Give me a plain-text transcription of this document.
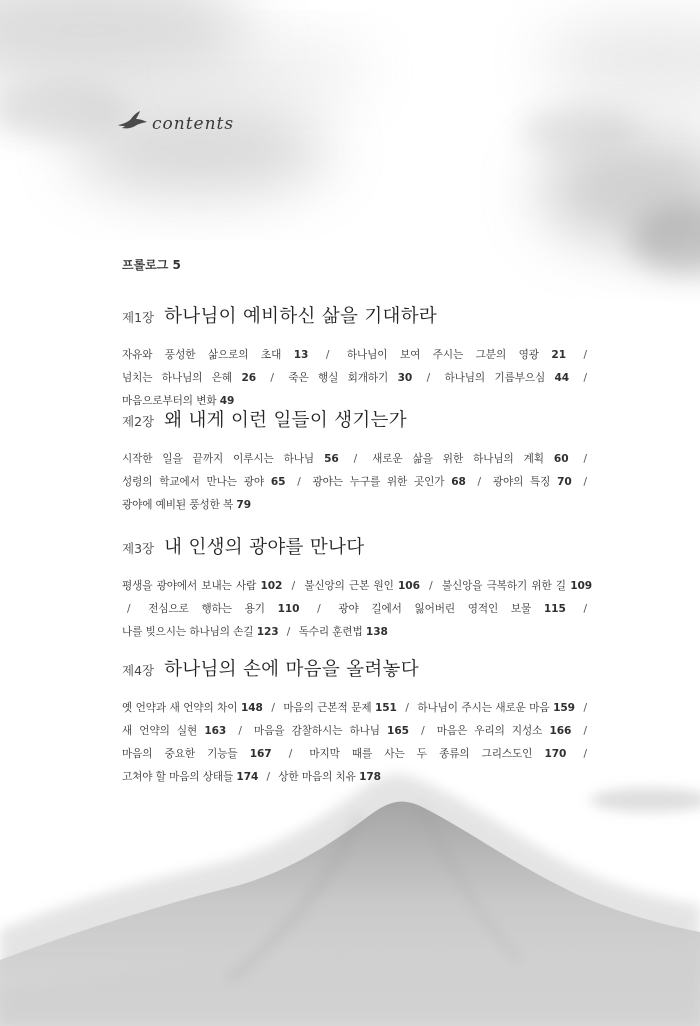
contents
프롤로그 5
제1장 하나님이 예비하신 삶을 기대하라
자유와 풍성한 삶으로의 초대 13 / 하나님이 보여 주시는 그분의 영광 21 / 넘치는 하나님의 은혜 26 / 죽은 행실 회개하기 30 / 하나님의 기름부으심 44 / 마음으로부터의 변화 49
제2장 왜 내게 이런 일들이 생기는가
시작한 일을 끝까지 이루시는 하나님 56 / 새로운 삶을 위한 하나님의 계획 60 / 성령의 학교에서 만나는 광야 65 / 광야는 누구를 위한 곳인가 68 / 광야의 특징 70 / 광야에 예비된 풍성한 복 79
제3장 내 인생의 광야를 만나다
평생을 광야에서 보내는 사람 102 / 불신앙의 근본 원인 106 / 불신앙을 극복하기 위한 길 109 / 전심으로 행하는 용기 110 / 광야 길에서 잃어버린 영적인 보물 115 / 나를 빚으시는 하나님의 손길 123 / 독수리 훈련법 138
제4장 하나님의 손에 마음을 올려놓다
옛 언약과 새 언약의 차이 148 / 마음의 근본적 문제 151 / 하나님이 주시는 새로운 마음 159 / 새 언약의 실현 163 / 마음을 감찰하시는 하나님 165 / 마음은 우리의 지성소 166 / 마음의 중요한 기능들 167 / 마지막 때를 사는 두 종류의 그리스도인 170 / 고쳐야 할 마음의 상태들 174 / 상한 마음의 치유 178
